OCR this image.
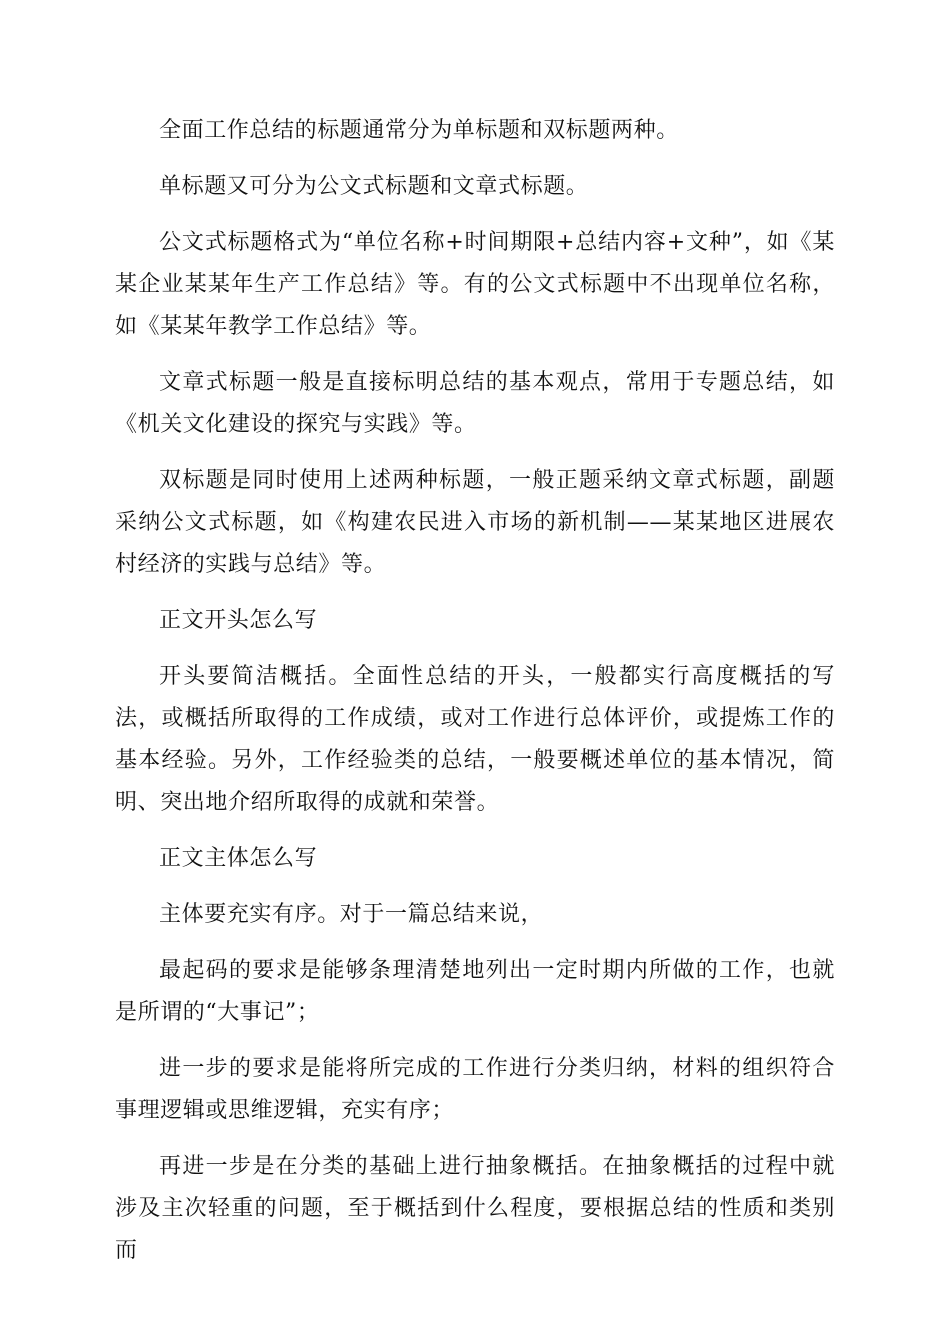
全面工作总结的标题通常分为单标题和双标题两种。

单标题又可分为公文式标题和文章式标题。

公文式标题格式为“单位名称+时间期限+总结内容+文种”，如《某某企业某某年生产工作总结》等。有的公文式标题中不出现单位名称，如《某某年教学工作总结》等。

文章式标题一般是直接标明总结的基本观点，常用于专题总结，如《机关文化建设的探究与实践》等。

双标题是同时使用上述两种标题，一般正题采纳文章式标题，副题采纳公文式标题，如《构建农民进入市场的新机制——某某地区进展农村经济的实践与总结》等。

正文开头怎么写

开头要简洁概括。全面性总结的开头，一般都实行高度概括的写法，或概括所取得的工作成绩，或对工作进行总体评价，或提炼工作的基本经验。另外，工作经验类的总结，一般要概述单位的基本情况，简明、突出地介绍所取得的成就和荣誉。

正文主体怎么写

主体要充实有序。对于一篇总结来说，

最起码的要求是能够条理清楚地列出一定时期内所做的工作，也就是所谓的“大事记”；

进一步的要求是能将所完成的工作进行分类归纳，材料的组织符合事理逻辑或思维逻辑，充实有序；

再进一步是在分类的基础上进行抽象概括。在抽象概括的过程中就涉及主次轻重的问题，至于概括到什么程度，要根据总结的性质和类别而
